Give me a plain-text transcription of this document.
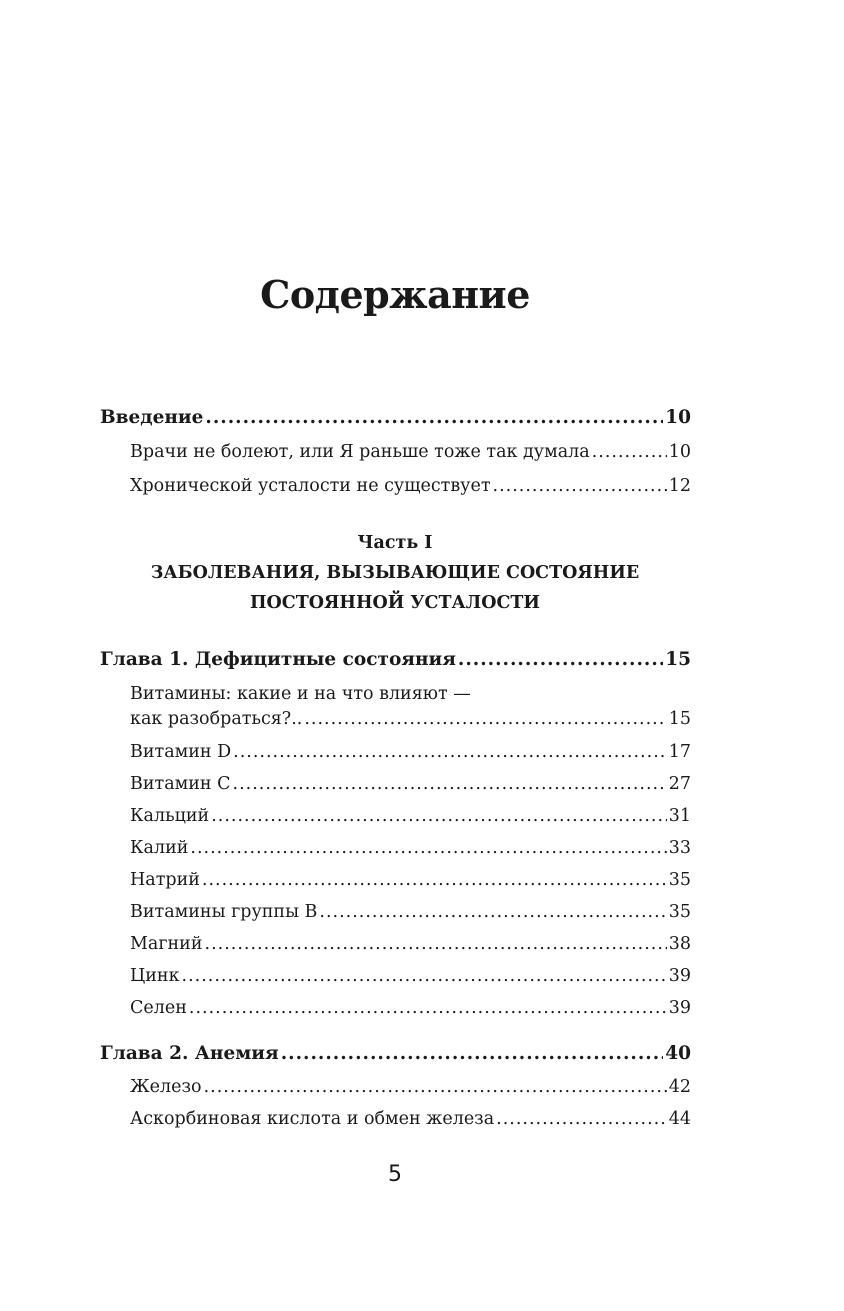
Содержание
Введение .....	10
Врачи не болеют, или Я раньше тоже так думала .....	10
Хронической усталости не существует .....	12
Часть I
ЗАБОЛЕВАНИЯ, ВЫЗЫВАЮЩИЕ СОСТОЯНИЕ
ПОСТОЯННОЙ УСТАЛОСТИ
Глава 1. Дефицитные состояния .....	15
Витамины: какие и на что влияют —
как разобраться?.. .....	15
Витамин D .....	17
Витамин С .....	27
Кальций .....	31
Калий .....	33
Натрий .....	35
Витамины группы В .....	35
Магний .....	38
Цинк .....	39
Селен .....	39
Глава 2. Анемия .....	40
Железо .....	42
Аскорбиновая кислота и обмен железа .....	44
5
